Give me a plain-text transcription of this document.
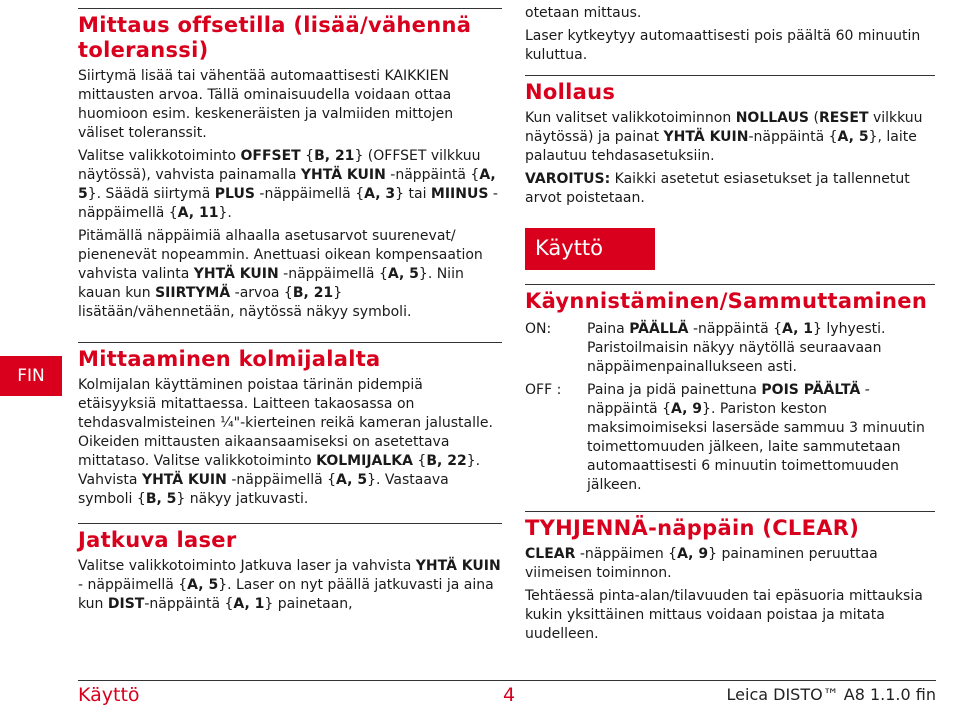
FIN
Mittaus offsetilla (lisää/vähennä toleranssi)

Siirtymä lisää tai vähentää automaattisesti KAIKKIEN mittausten arvoa. Tällä ominaisuudella voidaan ottaa huomioon esim. keskeneräisten ja valmiiden mittojen väliset toleranssit.

Valitse valikkotoiminto OFFSET {B, 21} (OFFSET vilkkuu näytössä), vahvista painamalla YHTÄ KUIN -näppäintä {A, 5}. Säädä siirtymä PLUS -näppäimellä {A, 3} tai MIINUS -näppäimellä {A, 11}.

Pitämällä näppäimiä alhaalla asetusarvot suurenevat/ pienenevät nopeammin. Anettuasi oikean kompensaation vahvista valinta YHTÄ KUIN -näppäimellä {A, 5}. Niin kauan kun SIIRTYMÄ -arvoa {B, 21} lisätään/vähennetään, näytössä näkyy symboli.

Mittaaminen kolmijalalta

Kolmijalan käyttäminen poistaa tärinän pidempiä etäisyyksiä mitattaessa. Laitteen takaosassa on tehdasvalmisteinen ¼"-kierteinen reikä kameran jalustalle. Oikeiden mittausten aikaansaamiseksi on asetettava mittataso. Valitse valikkotoiminto KOLMIJALKA {B, 22}. Vahvista YHTÄ KUIN -näppäimellä {A, 5}. Vastaava symboli {B, 5} näkyy jatkuvasti.

Jatkuva laser

Valitse valikkotoiminto Jatkuva laser ja vahvista YHTÄ KUIN - näppäimellä {A, 5}. Laser on nyt päällä jatkuvasti ja aina kun DIST-näppäintä {A, 1} painetaan,

otetaan mittaus.

Laser kytkeytyy automaattisesti pois päältä 60 minuutin kuluttua.

Nollaus

Kun valitset valikkotoiminnon NOLLAUS (RESET vilkkuu näytössä) ja painat YHTÄ KUIN-näppäintä {A, 5}, laite palautuu tehdasasetuksiin.

VAROITUS: Kaikki asetetut esiasetukset ja tallennetut arvot poistetaan.

Käyttö
Käynnistäminen/Sammuttaminen
ON:	Paina PÄÄLLÄ -näppäintä {A, 1} lyhyesti. Paristoilmaisin näkyy näytöllä seuraavaan näppäimenpainallukseen asti.
OFF :	Paina ja pidä painettuna POIS PÄÄLTÄ -näppäintä {A, 9}. Pariston keston maksimoimiseksi lasersäde sammuu 3 minuutin toimettomuuden jälkeen, laite sammutetaan automaattisesti 6 minuutin toimettomuuden jälkeen.
TYHJENNÄ-näppäin (CLEAR)

CLEAR -näppäimen {A, 9} painaminen peruuttaa viimeisen toiminnon.

Tehtäessä pinta-alan/tilavuuden tai epäsuoria mittauksia kukin yksittäinen mittaus voidaan poistaa ja mitata uudelleen.

Käyttö	4	Leica DISTO™ A8 1.1.0 fin
